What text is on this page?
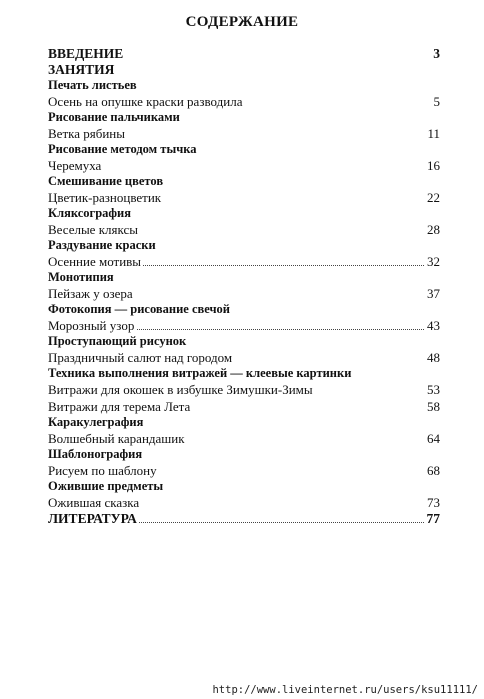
СОДЕРЖАНИЕ
ВВЕДЕНИЕ	3
ЗАНЯТИЯ
Печать листьев
Осень на опушке краски разводила	5
Рисование пальчиками
Ветка рябины	11
Рисование методом тычка
Черемуха	16
Смешивание цветов
Цветик-разноцветик	22
Кляксография
Веселые кляксы	28
Раздувание краски
Осенние мотивы	32
Монотипия
Пейзаж у озера	37
Фотокопия — рисование свечой
Морозный узор	43
Проступающий рисунок
Праздничный салют над городом	48
Техника выполнения витражей — клеевые картинки
Витражи для окошек в избушке Зимушки-Зимы	53
Витражи для терема Лета	58
Каракулеграфия
Волшебный карандашик	64
Шаблонография
Рисуем по шаблону	68
Ожившие предметы
Ожившая сказка	73
ЛИТЕРАТУРА	77
http://www.liveinternet.ru/users/ksu11111/
